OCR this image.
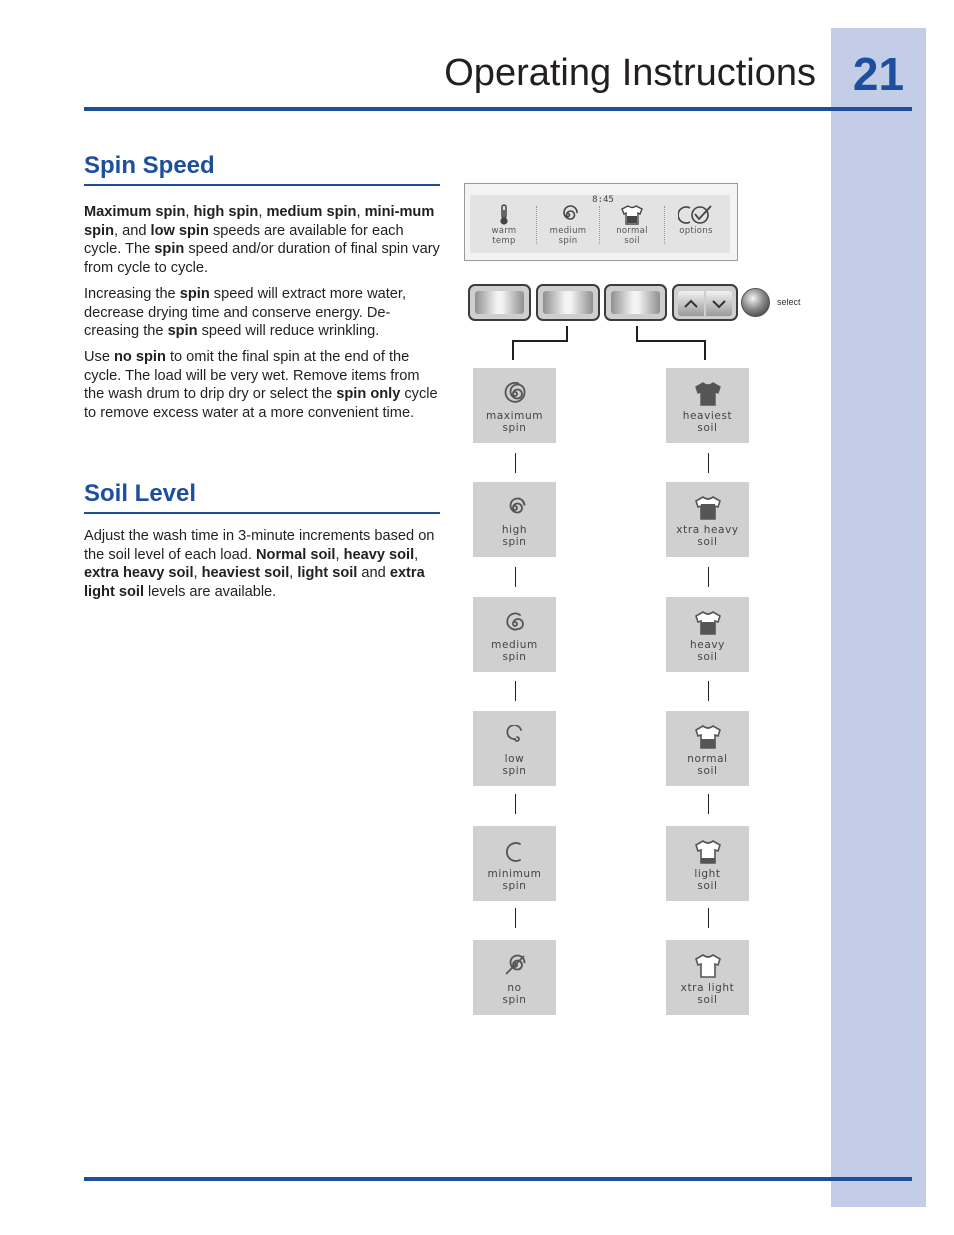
21
Operating Instructions
Spin Speed

Maximum spin, high spin, medium spin, mini-mum spin, and low spin speeds are available for each cycle. The spin speed and/or duration of final spin vary from cycle to cycle.

Increasing the spin speed will extract more water, decrease drying time and conserve energy. De-creasing the spin speed will reduce wrinkling.

Use no spin to omit the final spin at the end of the cycle. The load will be very wet. Remove items from the wash drum to drip dry or select the spin only cycle to remove excess water at a more convenient time.

Soil Level

Adjust the wash time in 3-minute increments based on the soil level of each load. Normal soil, heavy soil, extra heavy soil, heaviest soil, light soil and extra light soil levels are available.

8:45
warm
temp
medium
spin
normal
soil
options
select
maximum
spin
high
spin
medium
spin
low
spin
minimum
spin
no
spin
heaviest
soil
xtra heavy
soil
heavy
soil
normal
soil
light
soil
xtra light
soil
